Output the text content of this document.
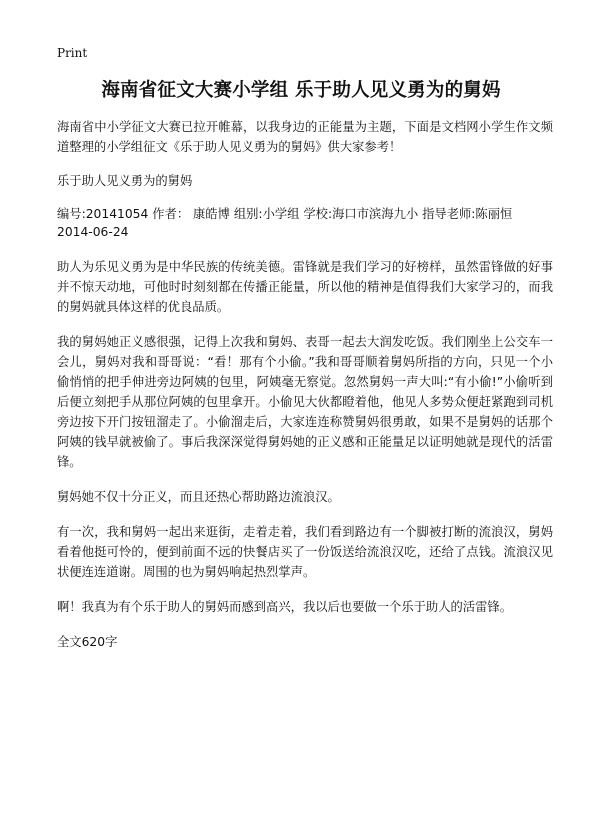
Print
海南省征文大赛小学组 乐于助人见义勇为的舅妈

海南省中小学征文大赛已拉开帷幕，以我身边的正能量为主题，下面是文档网小学生作文频道整理的小学组征文《乐于助人见义勇为的舅妈》供大家参考！

乐于助人见义勇为的舅妈

编号:20141054 作者： 康皓博 组别:小学组 学校:海口市滨海九小 指导老师:陈丽恒

2014-06-24

助人为乐见义勇为是中华民族的传统美德。雷锋就是我们学习的好榜样，虽然雷锋做的好事并不惊天动地，可他时时刻刻都在传播正能量，所以他的精神是值得我们大家学习的，而我的舅妈就具体这样的优良品质。

我的舅妈她正义感很强，记得上次我和舅妈、表哥一起去大润发吃饭。我们刚坐上公交车一会儿，舅妈对我和哥哥说：“看！那有个小偷。”我和哥哥顺着舅妈所指的方向，只见一个小偷悄悄的把手伸进旁边阿姨的包里，阿姨毫无察觉。忽然舅妈一声大叫:“有小偷!”小偷听到后便立刻把手从那位阿姨的包里拿开。小偷见大伙都瞪着他，他见人多势众便赶紧跑到司机旁边按下开门按钮溜走了。小偷溜走后，大家连连称赞舅妈很勇敢，如果不是舅妈的话那个阿姨的钱早就被偷了。事后我深深觉得舅妈她的正义感和正能量足以证明她就是现代的活雷锋。

舅妈她不仅十分正义，而且还热心帮助路边流浪汉。

有一次，我和舅妈一起出来逛街，走着走着，我们看到路边有一个脚被打断的流浪汉，舅妈看着他挺可怜的，便到前面不远的快餐店买了一份饭送给流浪汉吃，还给了点钱。流浪汉见状便连连道谢。周围的也为舅妈响起热烈掌声。

啊！我真为有个乐于助人的舅妈而感到高兴，我以后也要做一个乐于助人的活雷锋。

全文620字
